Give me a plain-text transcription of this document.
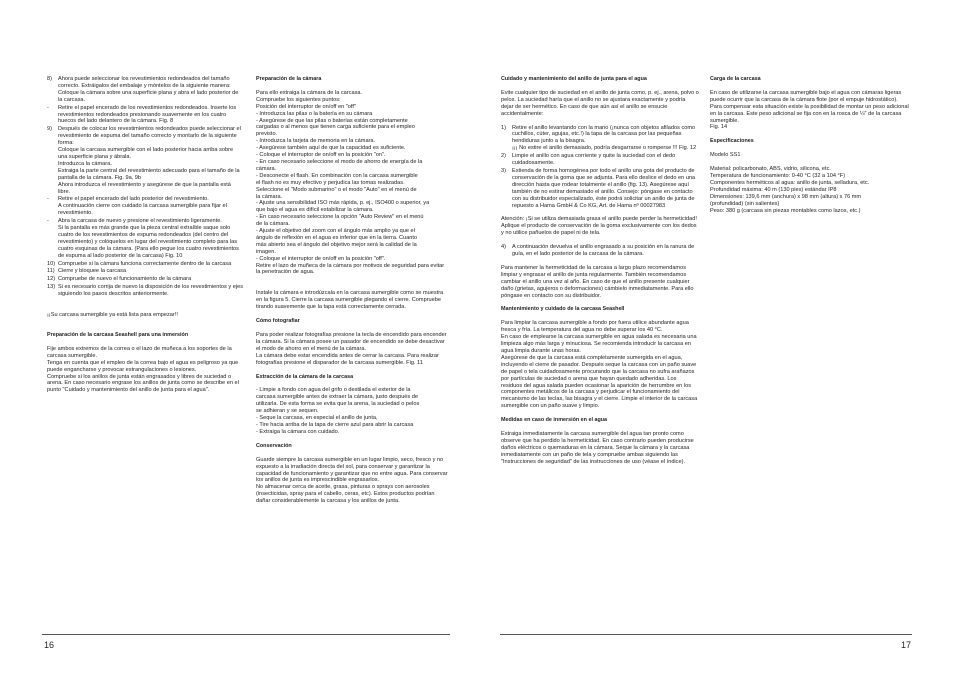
16
8)	Ahora puede seleccionar los revestimientos redondeados del tamaño correcto. Extráigalos del embalaje y móntelos de la siguiente manera:
Coloque la cámara sobre una superficie plana y abra el lado posterior de la carcasa.
-	Retire el papel encerado de los revestimientos redondeados. Inserte los revestimientos redondeados presionando suavemente en los cuatro huecos del lado delantero de la cámara. Fig. 8
9)	Después de colocar los revestimientos redondeados puede seleccionar el revestimiento de espuma del tamaño correcto y montarlo de la siguiente forma:
Coloque la carcasa sumergible con el lado posterior hacia arriba sobre una superficie plana y ábrala.
Introduzca la cámara.
Extraiga la parte central del revestimiento adecuado para el tamaño de la pantalla de la cámara. Fig. 9a, 9b
Ahora introduzca el revestimiento y asegúrese de que la pantalla está libre.
-	Retire el papel encerado del lado posterior del revestimiento.
A continuación cierre con cuidado la carcasa sumergible para fijar el revestimiento.
-	Abra la carcasa de nuevo y presione el revestimiento ligeramente.
Si la pantalla es más grande que la pieza central extraíble saque solo cuatro de los revestimientos de espuma redondeados (del centro del revestimiento) y colóquelos en lugar del revestimiento completo para las cuatro esquinas de la cámara. (Para ello pegue los cuatro revestimientos de espuma al lado posterior de la carcasa) Fig. 10
10) Compruebe si la cámara funciona correctamente dentro de la carcasa
11) Cierre y bloquee la carcasa
12) Compruebe de nuevo el funcionamiento de la cámara
13) Si es necesario corrija de nuevo la disposición de los revestimientos y ejes siguiendo los pasos descritos anteriormente.

¡¡Su carcasa sumergible ya está lista para empezar!!

Preparación de la carcasa Seashell para una inmersión

Fije ambos extremos de la correa o el lazo de muñeca a los soportes de la carcasa sumergible.
Tenga en cuenta que el empleo de la correa bajo el agua es peligroso ya que puede engancharse y provocar estrangulaciones o lesiones.
Compruebe si los anillos de junta están engrasados y libres de suciedad o arena. En caso necesario engrase los anillos de junta como se describe en el punto "Cuidado y mantenimiento del anillo de junta para el agua".

Preparación de la cámara

Para ello extraiga la cámara de la carcasa.
Compruebe los siguientes puntos:
Posición del interruptor de on/off en "off"

- Introduzca las pilas o la batería en su cámara
- Asegúrese de que las pilas o baterías están completamente
cargadas o al menos que tienen carga suficiente para el empleo
previsto.
- Introduzca la tarjeta de memoria en la cámara.
- Asegúrese también aquí de que la capacidad es suficiente.
- Coloque el interruptor de on/off en la posición "on".
- En caso necesario seleccione el modo de ahorro de energía de la
cámara.
- Desconecte el flash. En combinación con la carcasa sumergible
el flash no es muy efectivo y perjudica las tomas realizadas.
Seleccione el "Modo submarino" o el modo "Auto" en el menú de
la cámara.
- Ajuste una sensibilidad ISO más rápida, p. ej., ISO400 o superior, ya
que bajo el agua es difícil estabilizar la cámara.
- En caso necesario seleccione la opción "Auto Review" en el menú
de la cámara.
- Ajuste el objetivo del zoom con el ángulo más amplio ya que el
ángulo de reflexión en el agua es inferior que en la tierra. Cuanto
más abierto sea el ángulo del objetivo mejor será la calidad de la
imagen.
- Coloque el interruptor de on/off en la posición "off".

Retire el lazo de muñeca de la cámara por motivos de seguridad para evitar la penetración de agua.

Instale la cámara e introdúzcala en la carcasa sumergible como se muestra en la figura 5. Cierre la carcasa sumergible plegando el cierre. Compruebe tirando suavemente que la tapa está correctamente cerrada.

Cómo fotografiar

Para poder realizar fotografías presione la tecla de encendido para encender la cámara. Si la cámara posee un pasador de encendido se debe desactivar el modo de ahorro en el menú de la cámara.
La cámara debe estar encendida antes de cerrar la carcasa. Para realizar fotografías presione el disparador de la carcasa sumergible. Fig. 11

Extracción de la cámara de la carcasa
- Limpie a fondo con agua del grifo o destilada el exterior de la
carcasa sumergible antes de extraer la cámara, justo después de
utilizarla. De esta forma se evita que la arena, la suciedad o pelos
se adhieran y se sequen.
- Seque la carcasa, en especial el anillo de junta,
- Tire hacia arriba de la tapa de cierre azul para abrir la carcasa
- Extraiga la cámara con cuidado.
Conservación

Guarde siempre la carcasa sumergible en un lugar limpio, seco, fresco y no expuesto a la irradiación directa del sol, para conservar y garantizar la capacidad de funcionamiento y garantizar que no entre agua. Para conservar los anillos de junta es imprescindible engrasarlos.
No almacenar cerca de aceite, grasa, pinturas o sprays con aerosoles (insecticidas, spray para el cabello, ceras, etc). Estos productos podrían dañar considerablemente la carcasa y los anillos de junta.

17
Cuidado y mantenimiento del anillo de junta para el agua

Evite cualquier tipo de suciedad en el anillo de junta como, p. ej., arena, polvo o pelos. La suciedad haría que el anillo no se ajustara exactamente y podría dejar de ser hermético. En caso de que aún así el anillo se ensucie accidentalmente:

1)	Retire el anillo levantando con la mano (¡nunca con objetos afilados como cuchillos, cúter, agujas, etc.!) la tapa de la carcasa por las pequeñas hendiduras junto a la bisagra.
¡¡¡ No estire el anillo demasiado, podría desgarrarse o romperse !!! Fig. 12
2)	Limpie el anillo con agua corriente y quite la suciedad con el dedo cuidadosamente.
3)	Extienda de forma homogénea por todo el anillo una gota del producto de conservación de la goma que se adjunta. Para ello deslice el dedo en una dirección hasta que rodear totalmente el anillo (fig. 13). Asegúrese aquí también de no estirar demasiado el anillo. Consejo: póngase en contacto con su distribuidor especializado, éste podrá solicitar un anillo de junta de repuesto a Hama GmbH & Co KG, Art. de Hama nº 00027983

Atención: ¡Si se utiliza demasiada grasa el anillo puede perder la hermeticidad!
Aplique el producto de conservación de la goma exclusivamente con los dedos y no utilice pañuelos de papel ni de tela.

4)	A continuación devuelva el anillo engrasado a su posición en la ranura de guía, en el lado posterior de la carcasa de la cámara.

Para mantener la hermeticidad de la carcasa a largo plazo recomendamos limpiar y engrasar el anillo de junta regularmente. También recomendamos cambiar el anillo una vez al año. En caso de que el anillo presente cualquier daño (grietas, agujeros o deformaciones) cámbielo inmediatamente. Para ello póngase en contacto con su distribuidor.

Mantenimiento y cuidado de la carcasa Seashell

Para limpiar la carcasa sumergible a fondo por fuera utilice abundante agua fresca y fría. La temperatura del agua no debe superar los 40 °C.
En caso de emplearse la carcasa sumergible en agua salada es necesaria una limpieza algo más larga y minuciosa. Se recomienda introducir la carcasa en agua limpia durante unas horas.
Asegúrese de que la carcasa está completamente sumergida en el agua, incluyendo el cierre de pasador. Después seque la carcasa con un paño suave de papel o tela cuidadosamente procurando que la carcasa no sufra arañazos por partículas de suciedad o arena que hayan quedado adheridas. Los residuos del agua salada pueden ocasionar la aparición de herrumbre en los componentes metálicos de la carcasa y perjudicar el funcionamiento del mecanismo de las teclas, las bisagra y el cierre. Limpie el interior de la carcasa sumergible con un paño suave y limpio.

Medidas en caso de inmersión en el agua

Extraiga inmediatamente la carcasa sumergible del agua tan pronto como observe que ha perdido la hermeticidad. En caso contrario pueden producirse daños eléctricos o quemaduras en la cámara. Seque la cámara y la carcasa inmediatamente con un paño de tela y compruebe ambas siguiendo las "Instrucciones de seguridad" de las instrucciones de uso (véase el índice).

Carga de la carcasa

En caso de utilizarse la carcasa sumergible bajo el agua con cámaras ligeras puede ocurrir que la carcasa de la cámara flote (por el empuje hidrostático). Para compensar esta situación existe la posibilidad de montar un peso adicional en la carcasa. Este peso adicional se fija con en la rosca de ¼" de la carcasa sumergible.
Fig. 14

Especificaciones

Modelo SS1

Material: policarbonato, ABS, vidrio, silicona, etc.
Temperatura de funcionamiento: 0-40 °C (32 a 104 °F)
Componentes herméticos al agua: anillo de junta, selladura, etc.
Profundidad máxima: 40 m (130 pies) estándar IP8
Dimensiones: 139,6 mm (anchura) x 98 mm (altura) x 76 mm
(profundidad) (sin salientes)
Peso: 380 g (carcasa sin piezas montables como lazos, etc.)
